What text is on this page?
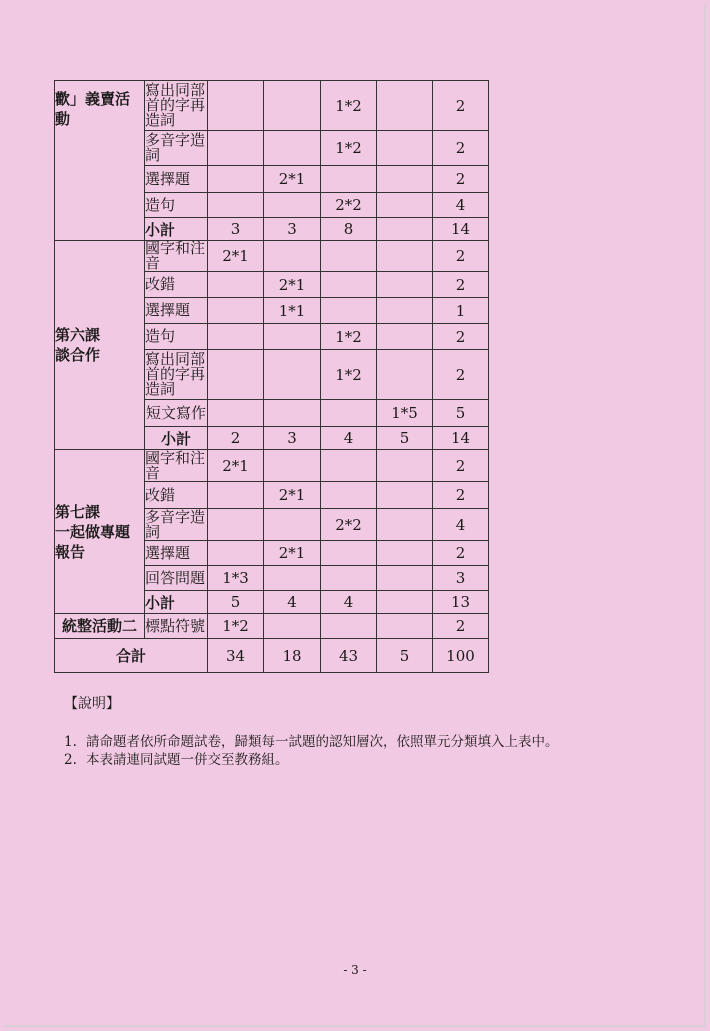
歡」義賣活動	寫出同部首的字再造詞			1*2		2
	多音字造詞			1*2		2
	選擇題		2*1			2
	造句			2*2		4
	小計	3	3	8		14

第六課
談合作	國字和注音	2*1				2
	改錯		2*1			2
	選擇題		1*1			1
	造句			1*2		2
	寫出同部首的字再造詞			1*2		2
	短文寫作				1*5	5
	小計	2	3	4	5	14

第七課
一起做專題
報告	國字和注音	2*1				2
	改錯		2*1			2
	多音字造詞			2*2		4
	選擇題		2*1			2
	回答問題	1*3				3
	小計	5	4	4		13
統整活動二	標點符號	1*2				2
合計		34	18	43	5	100
【說明】
1. 請命題者依所命題試卷，歸類每一試題的認知層次，依照單元分類填入上表中。
2. 本表請連同試題一併交至教務組。
- 3 -
